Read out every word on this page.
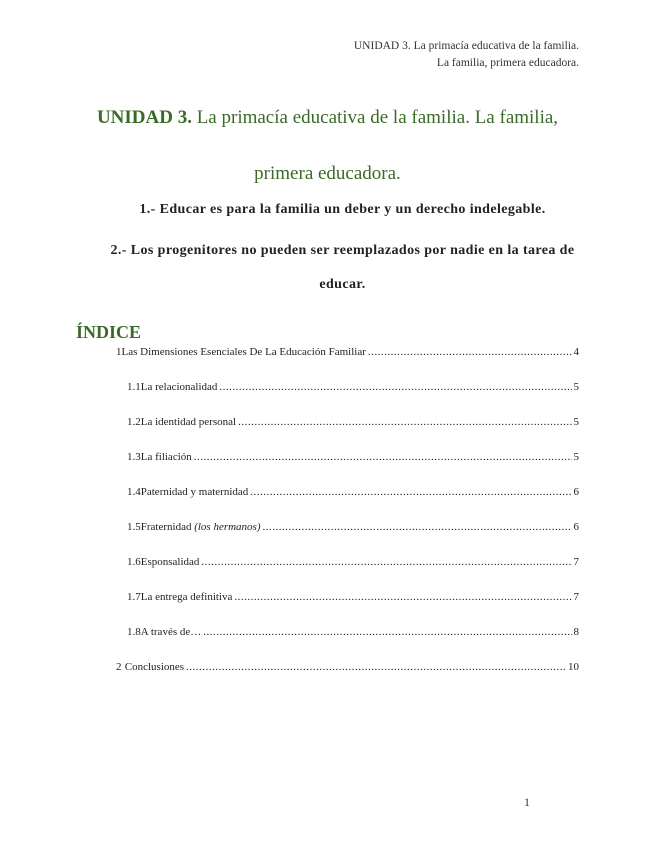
UNIDAD 3. La primacía educativa de la familia.
La familia, primera educadora.
UNIDAD 3. La primacía educativa de la familia. La familia,
primera educadora.
1.- Educar es para la familia un deber y un derecho indelegable.
2.- Los progenitores no pueden ser reemplazados por nadie en la tarea de educar.
ÍNDICE
1 Las Dimensiones Esenciales De La Educación Familiar .....	4
1.1 La relacionalidad .....	5
1.2 La identidad personal .....	5
1.3 La filiación .....	5
1.4 Paternidad y maternidad .....	6
1.5 Fraternidad (los hermanos) .....	6
1.6 Esponsalidad .....	7
1.7 La entrega definitiva .....	7
1.8 A través de… .....	8
2 Conclusiones .....	10
1
